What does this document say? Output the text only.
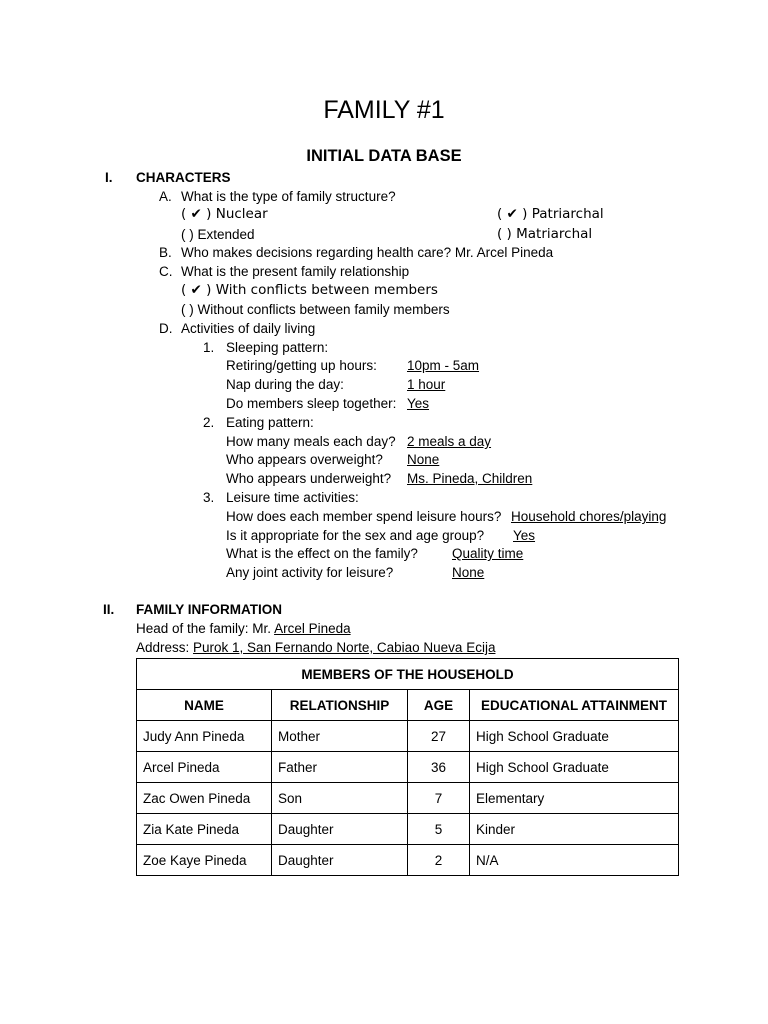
FAMILY #1
INITIAL DATA BASE
I. CHARACTERS
A. What is the type of family structure?
( ✔ ) Nuclear	( ✔ ) Patriarchal
( ) Extended	( ) Matriarchal
B. Who makes decisions regarding health care? Mr. Arcel Pineda
C. What is the present family relationship
( ✔ ) With conflicts between members
( ) Without conflicts between family members
D. Activities of daily living
1. Sleeping pattern:
Retiring/getting up hours: 10pm - 5am
Nap during the day:	1 hour
Do members sleep together: Yes
2. Eating pattern:
How many meals each day? 2 meals a day
Who appears overweight? None
Who appears underweight? Ms. Pineda, Children
3. Leisure time activities:
How does each member spend leisure hours? Household chores/playing
Is it appropriate for the sex and age group? Yes
What is the effect on the family?	Quality time
Any joint activity for leisure?	None
II. FAMILY INFORMATION
Head of the family: Mr. Arcel Pineda
Address: Purok 1, San Fernando Norte, Cabiao Nueva Ecija
MEMBERS OF THE HOUSEHOLD			
NAME	RELATIONSHIP	AGE	EDUCATIONAL ATTAINMENT
Judy Ann Pineda	Mother	27	High School Graduate
Arcel Pineda	Father	36	High School Graduate
Zac Owen Pineda	Son	7	Elementary
Zia Kate Pineda	Daughter	5	Kinder
Zoe Kaye Pineda	Daughter	2	N/A
